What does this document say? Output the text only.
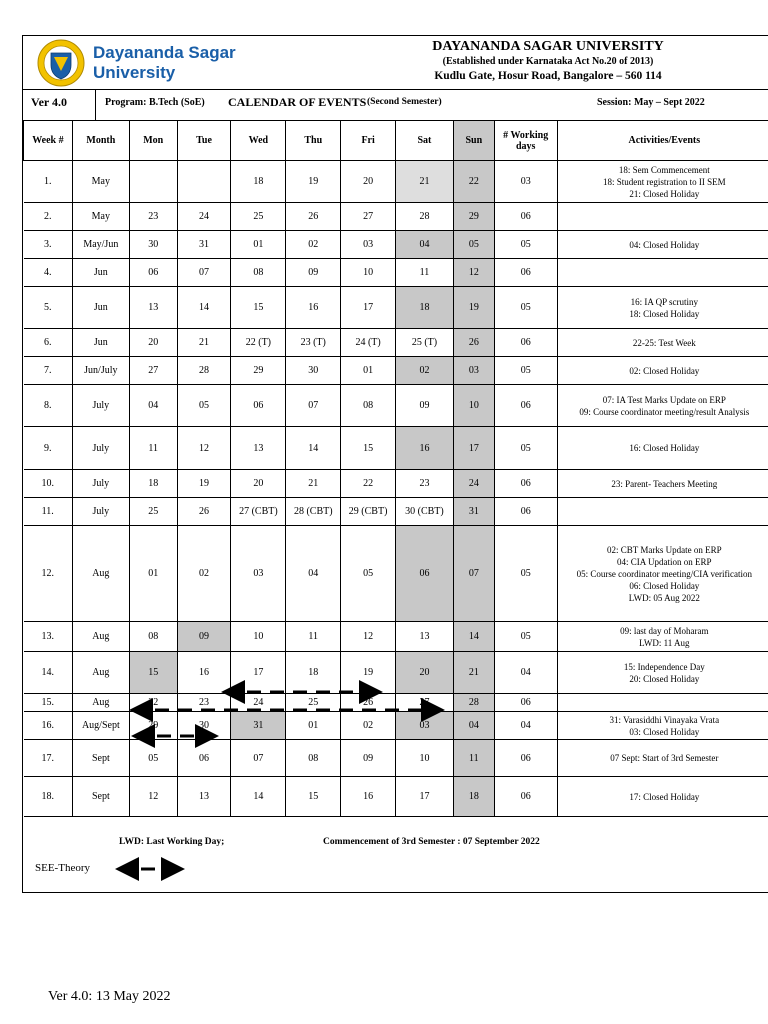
Dayananda Sagar
University
DAYANANDA SAGAR UNIVERSITY
(Established under Karnataka Act No.20 of 2013)
Kudlu Gate, Hosur Road, Bangalore – 560 114
Ver 4.0	Program: B.Tech (SoE) CALENDAR OF EVENTS (Second Semester)	Session: May – Sept 2022
Week #	Month	Mon	Tue	Wed	Thu	Fri	Sat	Sun	# Working days	Activities/Events
1.	May			18	19	20	21	22	03	18: Sem Commencement
18: Student registration to II SEM
21: Closed Holiday

2.	May	23	24	25	26	27	28	29	06	
3.	May/Jun	30	31	01	02	03	04	05	05	04: Closed Holiday

4.	Jun	06	07	08	09	10	11	12	06	
5.	Jun	13	14	15	16	17	18	19	05	16: IA QP scrutiny
18: Closed Holiday

6.	Jun	20	21	22 (T)	23 (T)	24 (T)	25 (T)	26	06	22-25: Test Week

7.	Jun/July	27	28	29	30	01	02	03	05	02: Closed Holiday

8.	July	04	05	06	07	08	09	10	06	07: IA Test Marks Update on ERP
09: Course coordinator meeting/result Analysis

9.	July	11	12	13	14	15	16	17	05	16: Closed Holiday

10.	July	18	19	20	21	22	23	24	06	23: Parent- Teachers Meeting

11.	July	25	26	27 (CBT)	28 (CBT)	29 (CBT)	30 (CBT)	31	06	
12.	Aug	01	02	03	04	05	06	07	05	02: CBT Marks Update on ERP
04: CIA Updation on ERP
05: Course coordinator meeting/CIA verification
06: Closed Holiday
LWD: 05 Aug 2022

13.	Aug	08	09	10	11	12	13	14	05	09: last day of Moharam
LWD: 11 Aug

14.	Aug	15	16	17	18	19	20	21	04	15: Independence Day
20: Closed Holiday

15.	Aug	22	23	24	25	26	27	28	06	
16.	Aug/Sept	29	30	31	01	02	03	04	04	31: Varasiddhi Vinayaka Vrata
03: Closed Holiday

17.	Sept	05	06	07	08	09	10	11	06	07 Sept: Start of 3rd Semester

18.	Sept	12	13	14	15	16	17	18	06	17: Closed Holiday
LWD: Last Working Day;	Commencement of 3rd Semester : 07 September 2022
SEE-Theory
Ver 4.0: 13 May 2022
